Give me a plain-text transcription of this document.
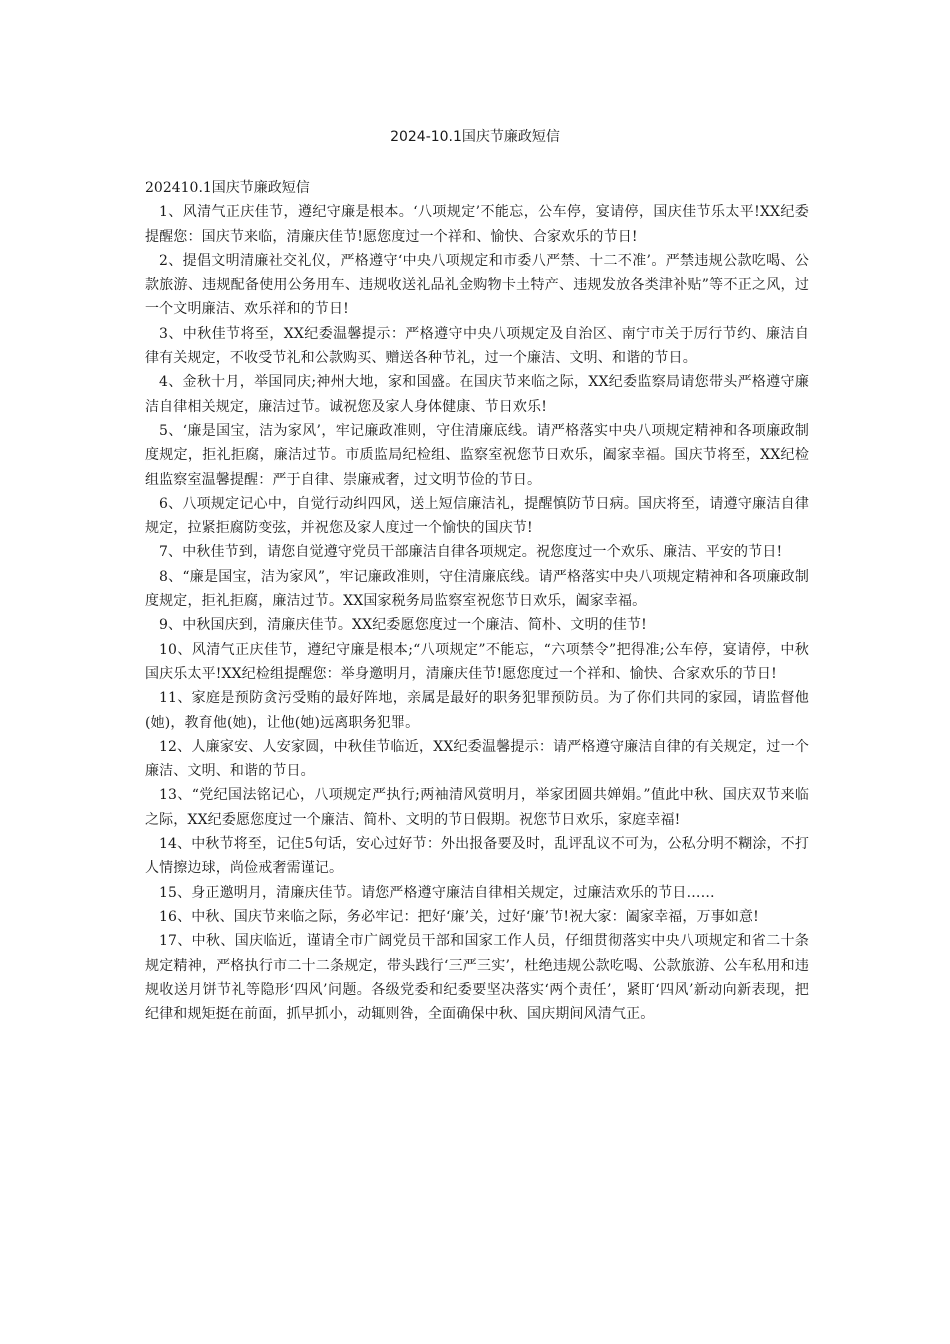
2024-10.1国庆节廉政短信

202410.1国庆节廉政短信

1、风清气正庆佳节，遵纪守廉是根本。‘八项规定’不能忘，公车停，宴请停，国庆佳节乐太平!XX纪委提醒您：国庆节来临，清廉庆佳节!愿您度过一个祥和、愉快、合家欢乐的节日!

2、提倡文明清廉社交礼仪，严格遵守‘中央八项规定和市委八严禁、十二不准’。严禁违规公款吃喝、公款旅游、违规配备使用公务用车、违规收送礼品礼金购物卡土特产、违规发放各类津补贴”等不正之风，过一个文明廉洁、欢乐祥和的节日!

3、中秋佳节将至，XX纪委温馨提示：严格遵守中央八项规定及自治区、南宁市关于厉行节约、廉洁自律有关规定，不收受节礼和公款购买、赠送各种节礼，过一个廉洁、文明、和谐的节日。

4、金秋十月，举国同庆;神州大地，家和国盛。在国庆节来临之际，XX纪委监察局请您带头严格遵守廉洁自律相关规定，廉洁过节。诚祝您及家人身体健康、节日欢乐!

5、‘廉是国宝，洁为家风’，牢记廉政准则，守住清廉底线。请严格落实中央八项规定精神和各项廉政制度规定，拒礼拒腐，廉洁过节。市质监局纪检组、监察室祝您节日欢乐，阖家幸福。国庆节将至，XX纪检组监察室温馨提醒：严于自律、崇廉戒奢，过文明节俭的节日。

6、八项规定记心中，自觉行动纠四风，送上短信廉洁礼，提醒慎防节日病。国庆将至，请遵守廉洁自律规定，拉紧拒腐防变弦，并祝您及家人度过一个愉快的国庆节!

7、中秋佳节到，请您自觉遵守党员干部廉洁自律各项规定。祝您度过一个欢乐、廉洁、平安的节日!

8、“廉是国宝，洁为家风”，牢记廉政准则，守住清廉底线。请严格落实中央八项规定精神和各项廉政制度规定，拒礼拒腐，廉洁过节。XX国家税务局监察室祝您节日欢乐，阖家幸福。

9、中秋国庆到，清廉庆佳节。XX纪委愿您度过一个廉洁、简朴、文明的佳节!

10、风清气正庆佳节，遵纪守廉是根本;“八项规定”不能忘，“六项禁令”把得准;公车停，宴请停，中秋国庆乐太平!XX纪检组提醒您：举身邀明月，清廉庆佳节!愿您度过一个祥和、愉快、合家欢乐的节日!

11、家庭是预防贪污受贿的最好阵地，亲属是最好的职务犯罪预防员。为了你们共同的家园，请监督他(她)，教育他(她)，让他(她)远离职务犯罪。

12、人廉家安、人安家圆，中秋佳节临近，XX纪委温馨提示：请严格遵守廉洁自律的有关规定，过一个廉洁、文明、和谐的节日。

13、“党纪国法铭记心，八项规定严执行;两袖清风赏明月，举家团圆共婵娟。”值此中秋、国庆双节来临之际，XX纪委愿您度过一个廉洁、简朴、文明的节日假期。祝您节日欢乐，家庭幸福!

14、中秋节将至，记住5句话，安心过好节：外出报备要及时，乱评乱议不可为，公私分明不糊涂，不打人情擦边球，尚俭戒奢需谨记。

15、身正邀明月，清廉庆佳节。请您严格遵守廉洁自律相关规定，过廉洁欢乐的节日……

16、中秋、国庆节来临之际，务必牢记：把好‘廉’关，过好‘廉’节!祝大家：阖家幸福，万事如意!

17、中秋、国庆临近，谨请全市广阔党员干部和国家工作人员，仔细贯彻落实中央八项规定和省二十条规定精神，严格执行市二十二条规定，带头践行‘三严三实’，杜绝违规公款吃喝、公款旅游、公车私用和违规收送月饼节礼等隐形‘四风’问题。各级党委和纪委要坚决落实‘两个责任’，紧盯‘四风’新动向新表现，把纪律和规矩挺在前面，抓早抓小，动辄则咎，全面确保中秋、国庆期间风清气正。
